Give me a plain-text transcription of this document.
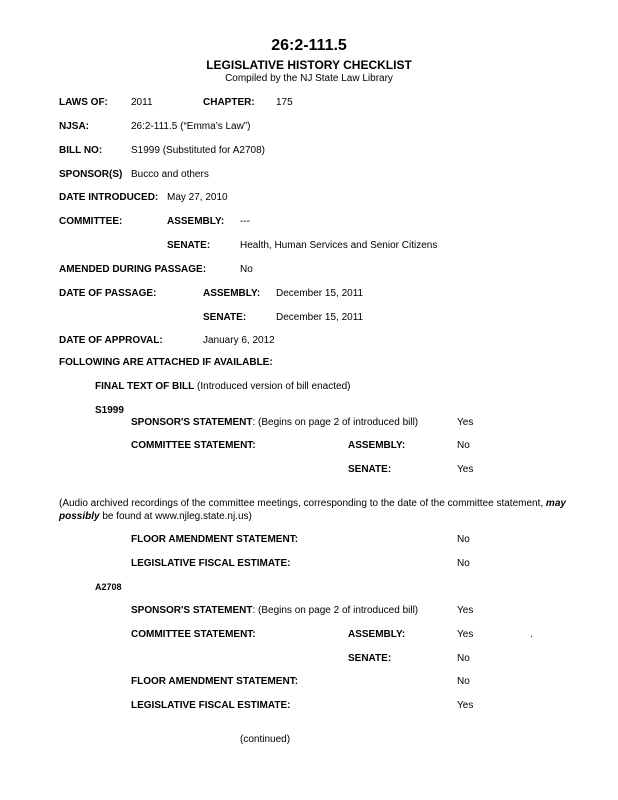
26:2-111.5
LEGISLATIVE HISTORY CHECKLIST
Compiled by the NJ State Law Library
LAWS OF: 2011	CHAPTER: 175
NJSA:	26:2-111.5 (“Emma’s Law”)
BILL NO:	S1999 (Substituted for A2708)
SPONSOR(S) Bucco and others
DATE INTRODUCED: May 27, 2010
COMMITTEE:	ASSEMBLY: ---
SENATE:	Health, Human Services and Senior Citizens
AMENDED DURING PASSAGE:	No
DATE OF PASSAGE:	ASSEMBLY: December 15, 2011
SENATE:	December 15, 2011
DATE OF APPROVAL:	January 6, 2012
FOLLOWING ARE ATTACHED IF AVAILABLE:
FINAL TEXT OF BILL (Introduced version of bill enacted)
S1999
SPONSOR'S STATEMENT: (Begins on page 2 of introduced bill)	Yes
COMMITTEE STATEMENT:	ASSEMBLY:	No
SENATE:	Yes
(Audio archived recordings of the committee meetings, corresponding to the date of the committee statement, may possibly be found at www.njleg.state.nj.us)
FLOOR AMENDMENT STATEMENT:	No
LEGISLATIVE FISCAL ESTIMATE:	No
A2708
SPONSOR'S STATEMENT: (Begins on page 2 of introduced bill)	Yes
COMMITTEE STATEMENT:	ASSEMBLY:	Yes	.
SENATE:	No
FLOOR AMENDMENT STATEMENT:	No
LEGISLATIVE FISCAL ESTIMATE:	Yes
(continued)
